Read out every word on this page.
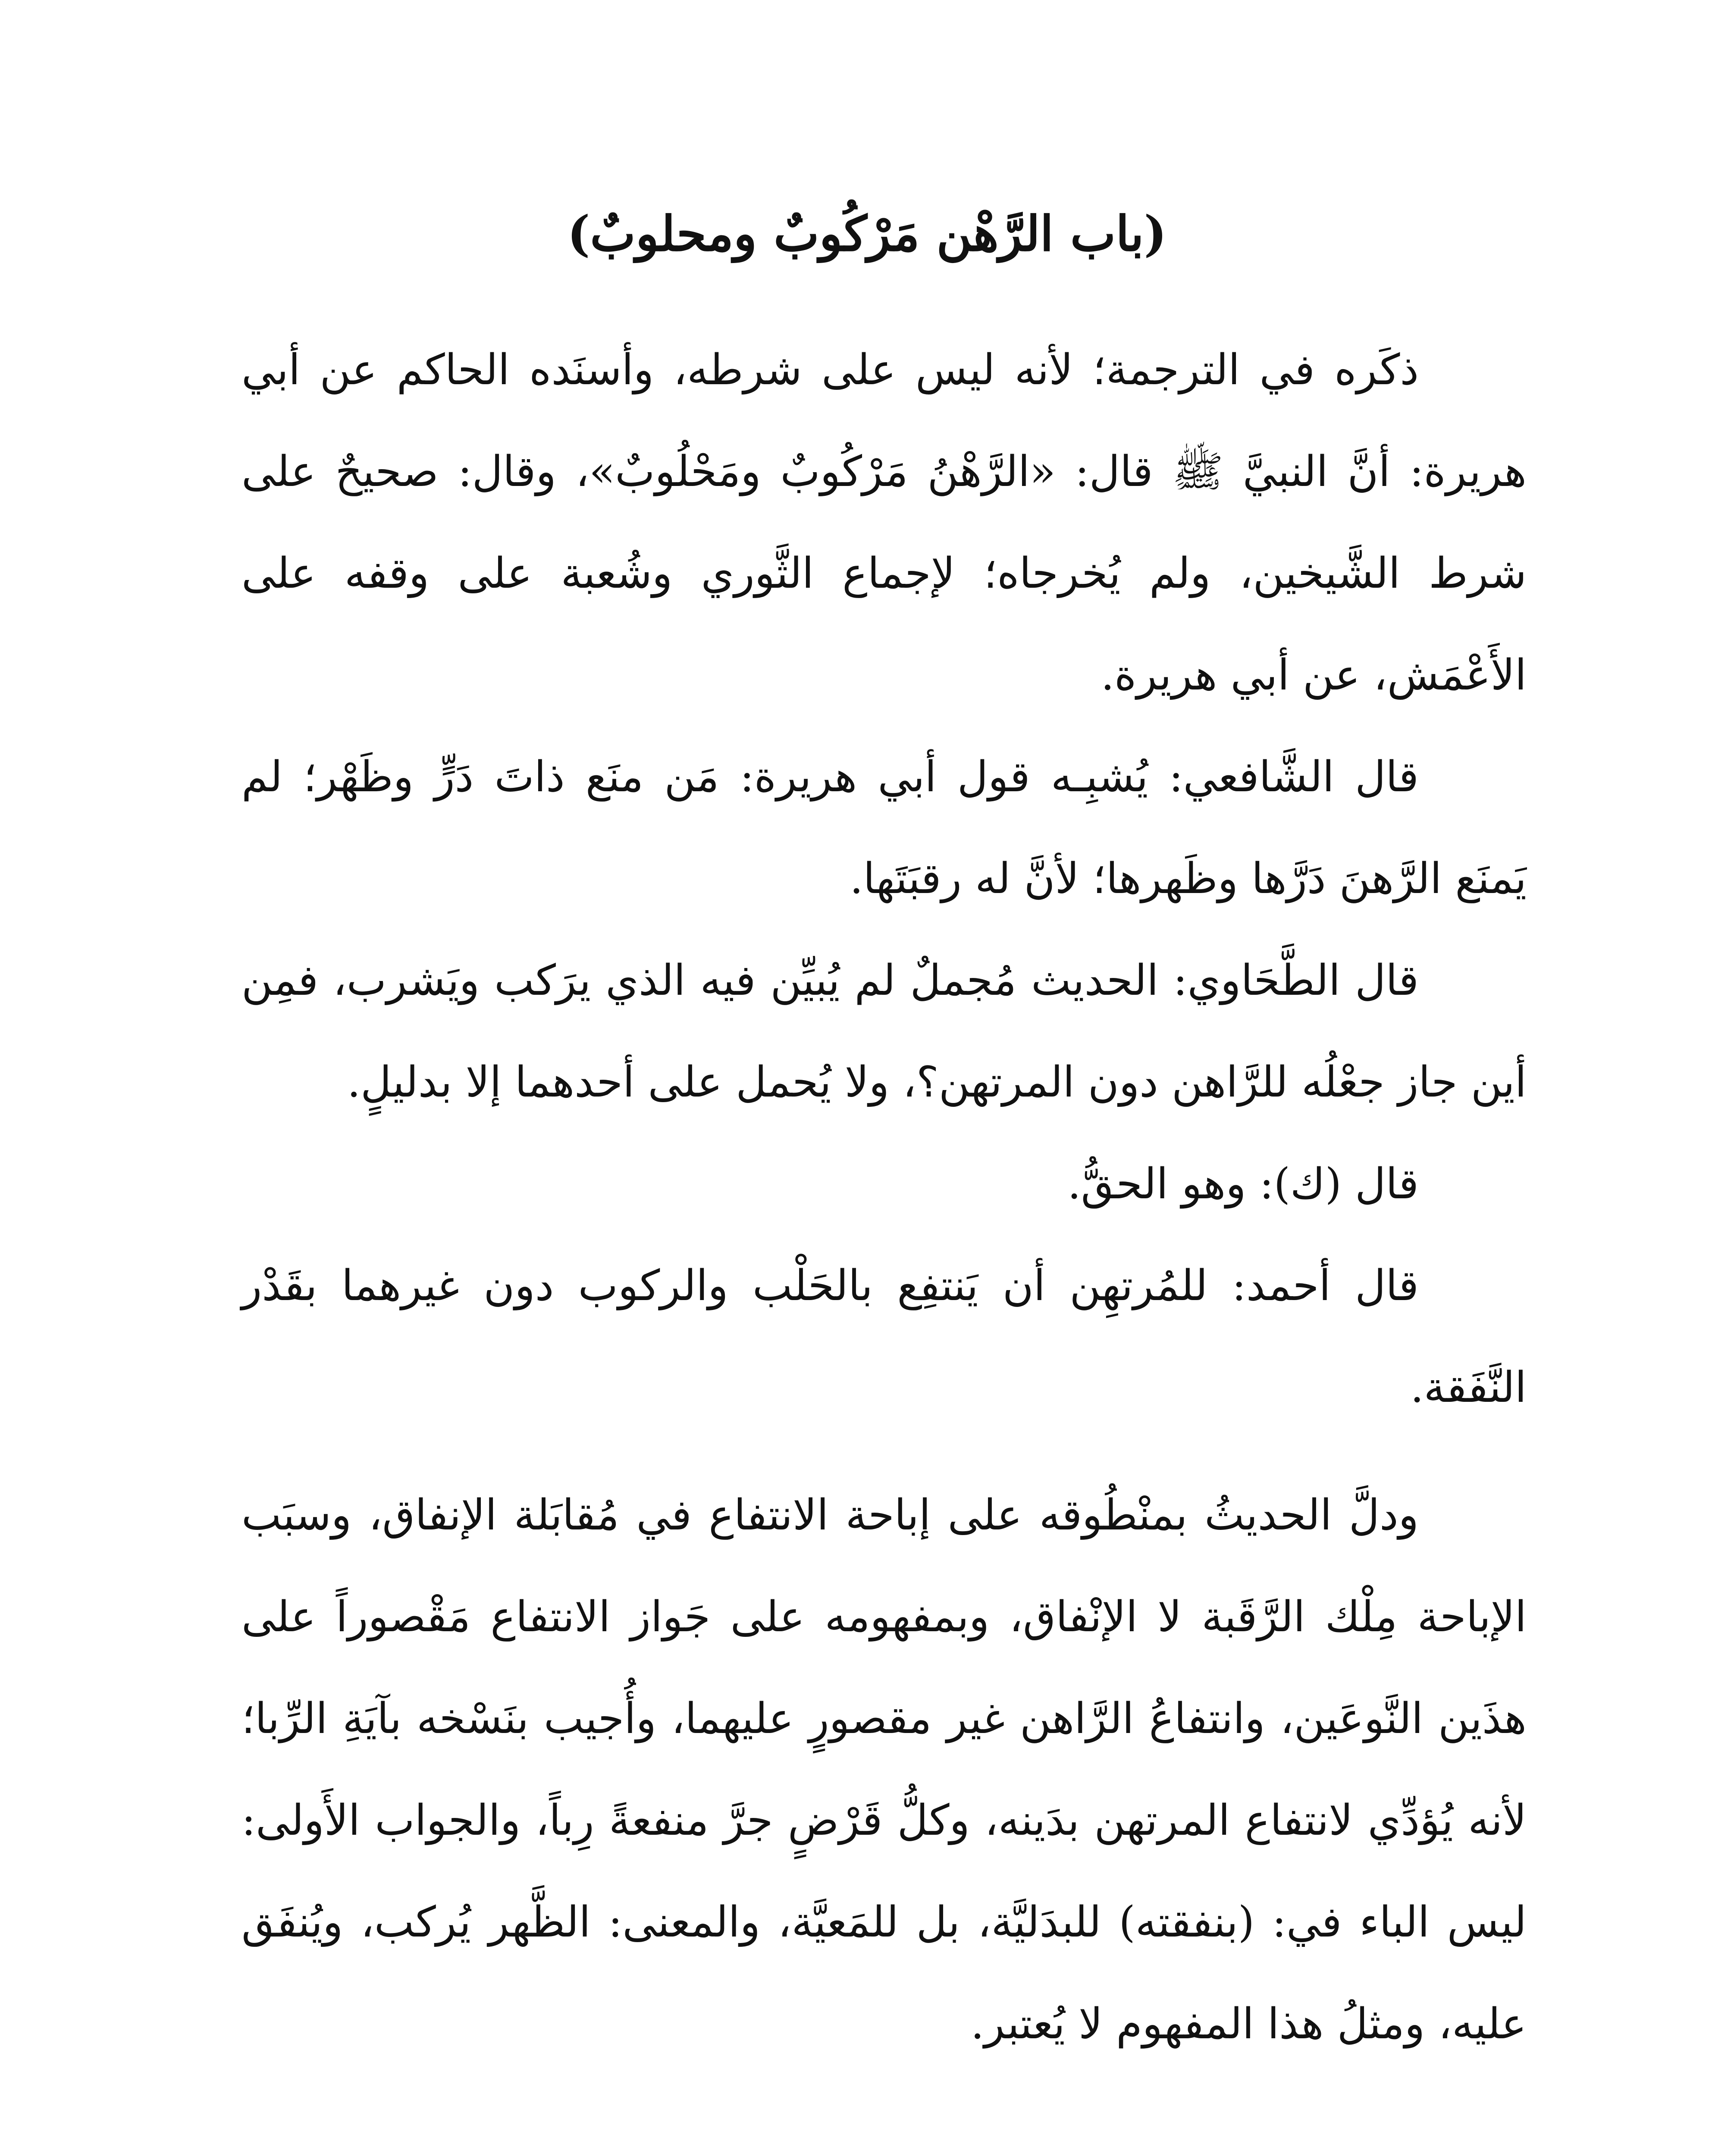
(باب الرَّهْن مَرْكُوبٌ ومحلوبٌ)

ذكَره في الترجمة؛ لأنه ليس على شرطه، وأسنَده الحاكم عن أبي هريرة: أنَّ النبيَّ ﷺ قال: «الرَّهْنُ مَرْكُوبٌ ومَحْلُوبٌ»، وقال: صحيحٌ على شرط الشَّيخين، ولم يُخرجاه؛ لإجماع الثَّوري وشُعبة على وقفه على الأَعْمَش، عن أبي هريرة.

قال الشَّافعي: يُشبِـه قول أبي هريرة: مَن منَع ذاتَ دَرٍّ وظَهْر؛ لم يَمنَع الرَّهنَ دَرَّها وظَهرها؛ لأنَّ له رقبَتَها.

قال الطَّحَاوي: الحديث مُجملٌ لم يُبيِّن فيه الذي يرَكب ويَشرب، فمِن أين جاز جعْلُه للرَّاهن دون المرتهن؟، ولا يُحمل على أحدهما إلا بدليلٍ.

قال (ك): وهو الحقُّ.

قال أحمد: للمُرتهِن أن يَنتفِع بالحَلْب والركوب دون غيرهما بقَدْر النَّفَقة.

ودلَّ الحديثُ بمنْطُوقه على إباحة الانتفاع في مُقابَلة الإنفاق، وسبَب الإباحة مِلْك الرَّقَبة لا الإنْفاق، وبمفهومه على جَواز الانتفاع مَقْصوراً على هذَين النَّوعَين، وانتفاعُ الرَّاهن غير مقصورٍ عليهما، وأُجيب بنَسْخه بآيَةِ الرِّبا؛ لأنه يُؤدِّي لانتفاع المرتهن بدَينه، وكلُّ قَرْضٍ جرَّ منفعةً رِباً، والجواب الأَولى: ليس الباء في: (بنفقته) للبدَليَّة، بل للمَعيَّة، والمعنى: الظَّهر يُركب، ويُنفَق عليه، ومثلُ هذا المفهوم لا يُعتبر.
